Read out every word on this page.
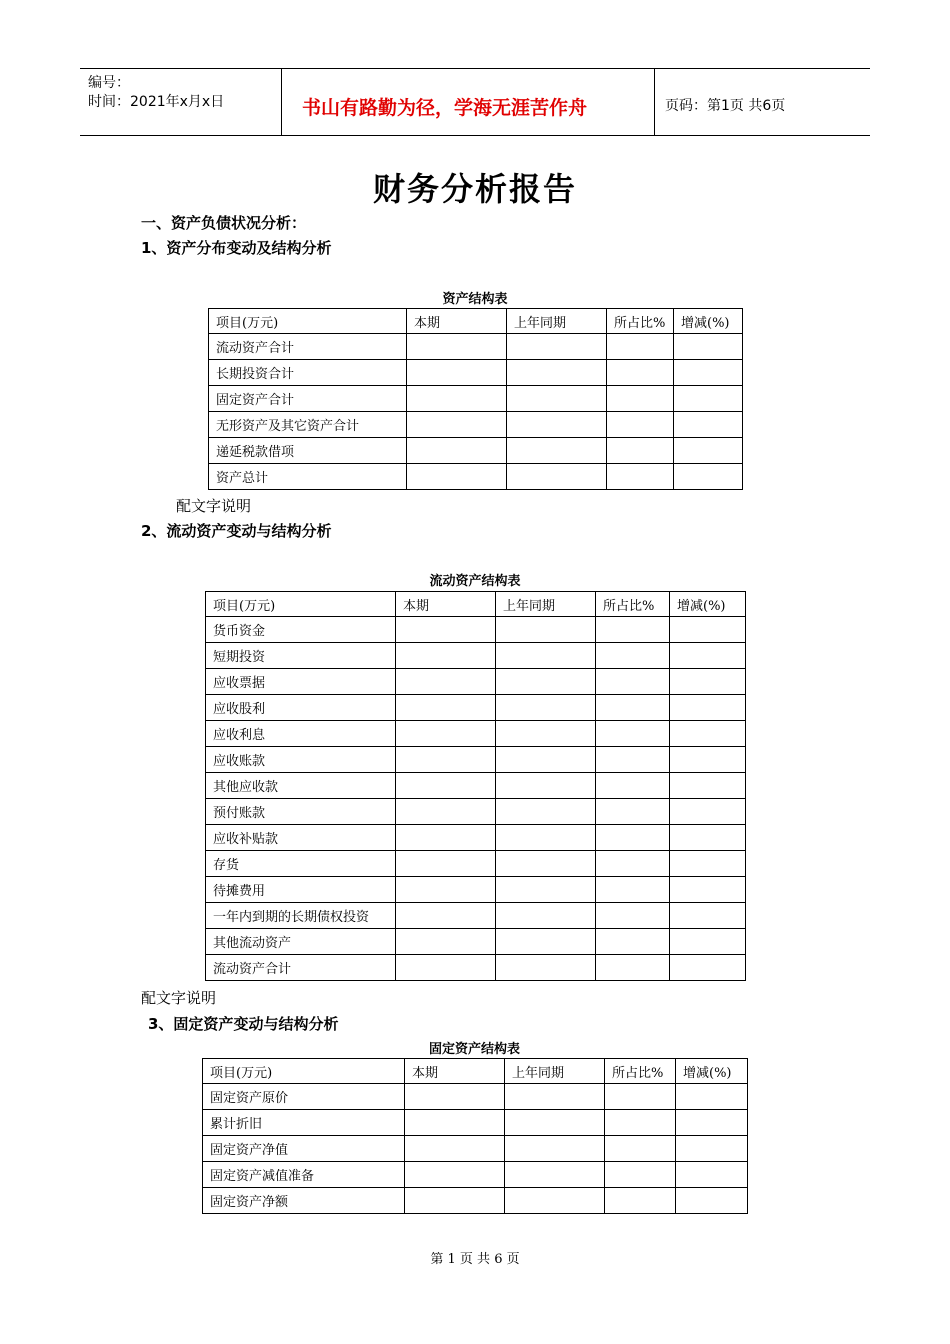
编号：
时间：2021年x月x日	书山有路勤为径，学海无涯苦作舟	页码：第1页 共6页
财务分析报告
一、资产负债状况分析：
1、资产分布变动及结构分析
资产结构表
项目(万元)	本期	上年同期	所占比%	增减(%)
流动资产合计				
长期投资合计				
固定资产合计				
无形资产及其它资产合计				
递延税款借项				
资产总计				
配文字说明
2、流动资产变动与结构分析
流动资产结构表
项目(万元)	本期	上年同期	所占比%	增减(%)
货币资金				
短期投资				
应收票据				
应收股利				
应收利息				
应收账款				
其他应收款				
预付账款				
应收补贴款				
存货				
待摊费用				
一年内到期的长期债权投资				
其他流动资产				
流动资产合计				
配文字说明
3、固定资产变动与结构分析
固定资产结构表
项目(万元)	本期	上年同期	所占比%	增减(%)
固定资产原价				
累计折旧				
固定资产净值				
固定资产减值准备				
固定资产净额				
第 1 页 共 6 页
